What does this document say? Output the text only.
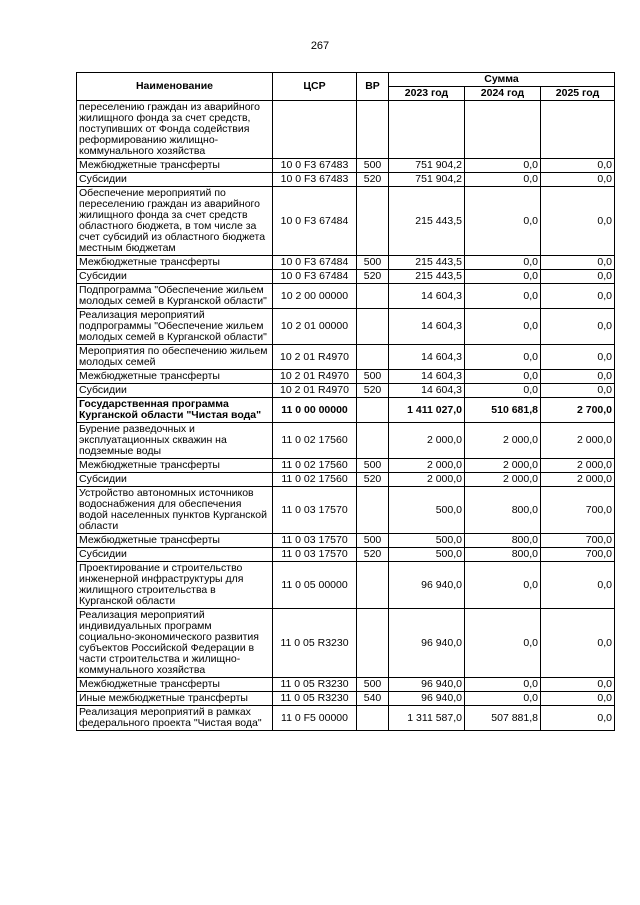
267
Наименование	ЦСР	ВР	Сумма		
			2023 год	2024 год	2025 год
переселению граждан из аварийного жилищного фонда за счет средств, поступивших от Фонда содействия реформированию жилищно-коммунального хозяйства					
Межбюджетные трансферты	10 0 F3 67483	500	751 904,2	0,0	0,0
Субсидии	10 0 F3 67483	520	751 904,2	0,0	0,0
Обеспечение мероприятий по переселению граждан из аварийного жилищного фонда за счет средств областного бюджета, в том числе за счет субсидий из областного бюджета местным бюджетам	10 0 F3 67484		215 443,5	0,0	0,0
Межбюджетные трансферты	10 0 F3 67484	500	215 443,5	0,0	0,0
Субсидии	10 0 F3 67484	520	215 443,5	0,0	0,0
Подпрограмма "Обеспечение жильем молодых семей в Курганской области"	10 2 00 00000		14 604,3	0,0	0,0
Реализация мероприятий подпрограммы "Обеспечение жильем молодых семей в Курганской области"	10 2 01 00000		14 604,3	0,0	0,0
Мероприятия по обеспечению жильем молодых семей	10 2 01 R4970		14 604,3	0,0	0,0
Межбюджетные трансферты	10 2 01 R4970	500	14 604,3	0,0	0,0
Субсидии	10 2 01 R4970	520	14 604,3	0,0	0,0
Государственная программа Курганской области "Чистая вода"	11 0 00 00000		1 411 027,0	510 681,8	2 700,0
Бурение разведочных и эксплуатационных скважин на подземные воды	11 0 02 17560		2 000,0	2 000,0	2 000,0
Межбюджетные трансферты	11 0 02 17560	500	2 000,0	2 000,0	2 000,0
Субсидии	11 0 02 17560	520	2 000,0	2 000,0	2 000,0
Устройство автономных источников водоснабжения для обеспечения водой населенных пунктов Курганской области	11 0 03 17570		500,0	800,0	700,0
Межбюджетные трансферты	11 0 03 17570	500	500,0	800,0	700,0
Субсидии	11 0 03 17570	520	500,0	800,0	700,0
Проектирование и строительство инженерной инфраструктуры для жилищного строительства в Курганской области	11 0 05 00000		96 940,0	0,0	0,0
Реализация мероприятий индивидуальных программ социально-экономического развития субъектов Российской Федерации в части строительства и жилищно-коммунального хозяйства	11 0 05 R3230		96 940,0	0,0	0,0
Межбюджетные трансферты	11 0 05 R3230	500	96 940,0	0,0	0,0
Иные межбюджетные трансферты	11 0 05 R3230	540	96 940,0	0,0	0,0
Реализация мероприятий в рамках федерального проекта "Чистая вода"	11 0 F5 00000		1 311 587,0	507 881,8	0,0
